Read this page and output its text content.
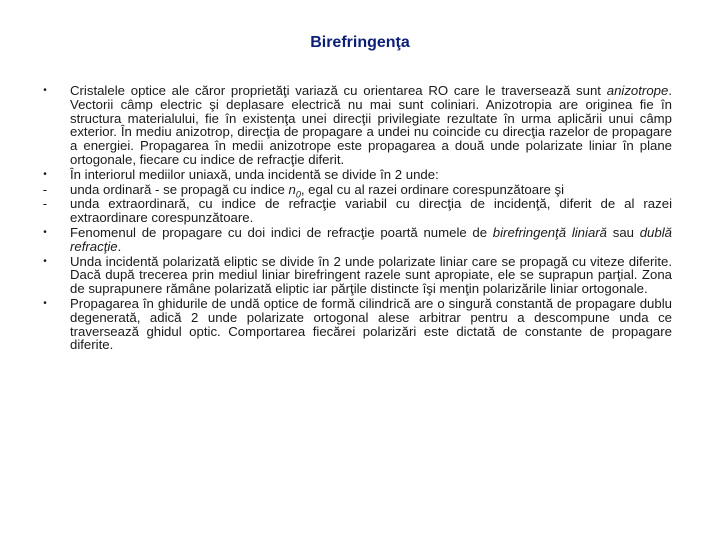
Birefringenţa
• Cristalele optice ale căror proprietăţi variază cu orientarea RO care le traversează sunt anizotrope. Vectorii câmp electric şi deplasare electrică nu mai sunt coliniari. Anizotropia are originea fie în structura materialului, fie în existenţa unei direcţii privilegiate rezultate în urma aplicării unui câmp exterior. În mediu anizotrop, direcţia de propagare a undei nu coincide cu direcţia razelor de propagare a energiei. Propagarea în medii anizotrope este propagarea a două unde polarizate liniar în plane ortogonale, fiecare cu indice de refracţie diferit.
• În interiorul mediilor uniaxă, unda incidentă se divide în 2 unde:
- unda ordinară - se propagă cu indice $n_0$, egal cu al razei ordinare corespunzătoare şi
- unda extraordinară, cu indice de refracţie variabil cu direcţia de incidenţă, diferit de al razei extraordinare corespunzătoare.
• Fenomenul de propagare cu doi indici de refracţie poartă numele de birefringenţă liniară sau dublă refracţie.
• Unda incidentă polarizată eliptic se divide în 2 unde polarizate liniar care se propagă cu viteze diferite. Dacă după trecerea prin mediul liniar birefringent razele sunt apropiate, ele se suprapun parţial. Zona de suprapunere rămâne polarizată eliptic iar părţile distincte îşi menţin polarizările liniar ortogonale.
• Propagarea în ghidurile de undă optice de formă cilindrică are o singură constantă de propagare dublu degenerată, adică 2 unde polarizate ortogonal alese arbitrar pentru a descompune unda ce traversează ghidul optic. Comportarea fiecărei polarizări este dictată de constante de propagare diferite.
